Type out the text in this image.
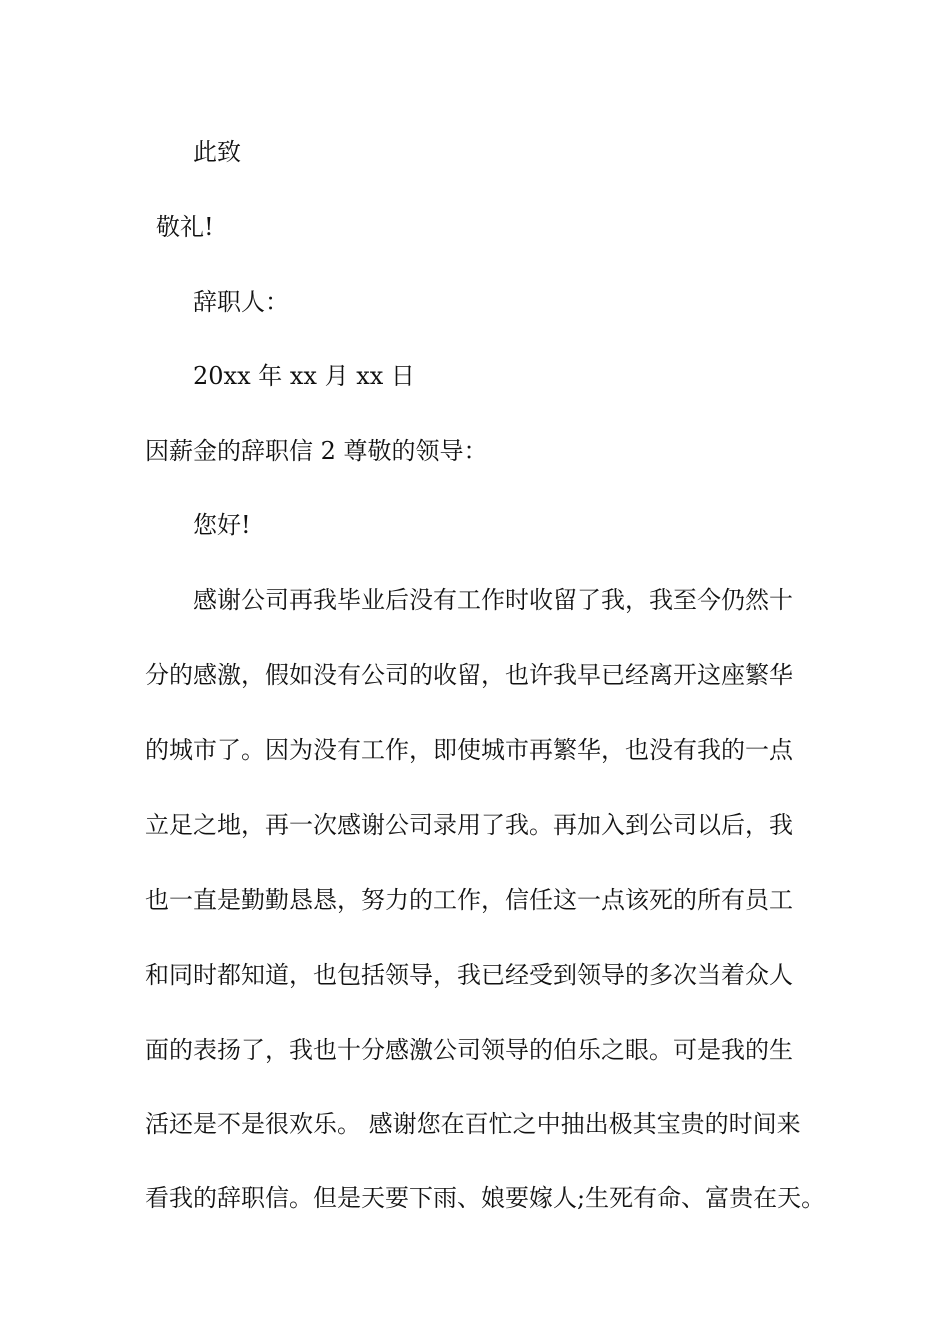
此致
敬礼!
辞职人：
20xx 年 xx 月 xx 日
因薪金的辞职信 2 尊敬的领导：
您好!
感谢公司再我毕业后没有工作时收留了我，我至今仍然十
分的感激，假如没有公司的收留，也许我早已经离开这座繁华
的城市了。因为没有工作，即使城市再繁华，也没有我的一点
立足之地，再一次感谢公司录用了我。再加入到公司以后，我
也一直是勤勤恳恳，努力的工作，信任这一点该死的所有员工
和同时都知道，也包括领导，我已经受到领导的多次当着众人
面的表扬了，我也十分感激公司领导的伯乐之眼。可是我的生
活还是不是很欢乐。 感谢您在百忙之中抽出极其宝贵的时间来
看我的辞职信。但是天要下雨、娘要嫁人;生死有命、富贵在天。
